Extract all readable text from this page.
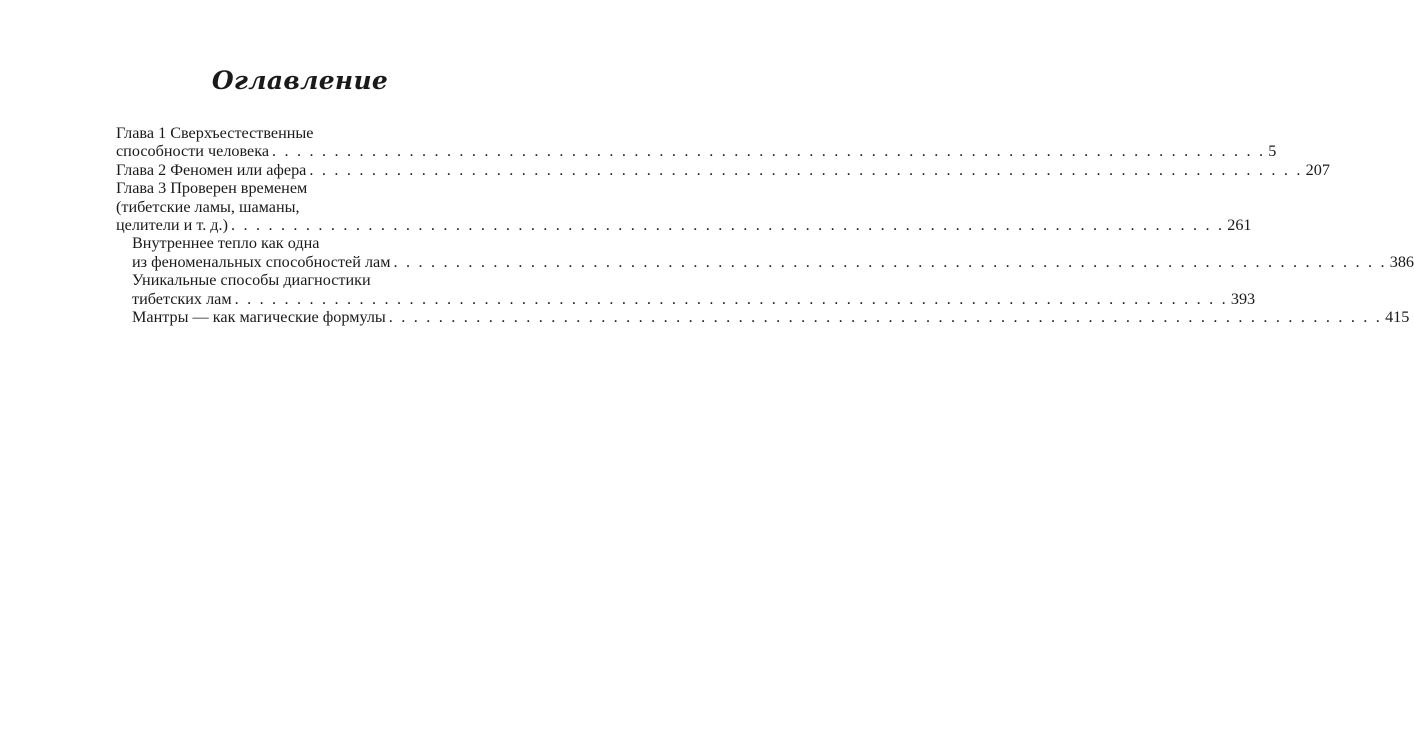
Оглавление
Глава 1 Сверхъестественные
способности человека . . . . . . . . . . . . . . . . . . . . . . . . . . . . . . . . . . . . . . . . . . . . . . . . . . . . . . . . . . . . . . . . . . . . . . . . . . . . . . . . 5
Глава 2 Феномен или афера . . . . . . . . . . . . . . . . . . . . . . . . . . . . . . . . . . . . . . . . . . . . . . . . . . . . . . . . . . . . . . . . . . . . . . . . . . . . . . . . 207
Глава 3 Проверен временем
(тибетские ламы, шаманы,
целители и т. д.) . . . . . . . . . . . . . . . . . . . . . . . . . . . . . . . . . . . . . . . . . . . . . . . . . . . . . . . . . . . . . . . . . . . . . . . . . . . . . . . . 261
Внутреннее тепло как одна
из феноменальных способностей лам . . . . . . . . . . . . . . . . . . . . . . . . . . . . . . . . . . . . . . . . . . . . . . . . . . . . . . . . . . . . . . . . . . . . . . . . . . . . . . . . 386
Уникальные способы диагностики
тибетских лам . . . . . . . . . . . . . . . . . . . . . . . . . . . . . . . . . . . . . . . . . . . . . . . . . . . . . . . . . . . . . . . . . . . . . . . . . . . . . . . . 393
Мантры — как магические формулы . . . . . . . . . . . . . . . . . . . . . . . . . . . . . . . . . . . . . . . . . . . . . . . . . . . . . . . . . . . . . . . . . . . . . . . . . . . . . . . . 415
